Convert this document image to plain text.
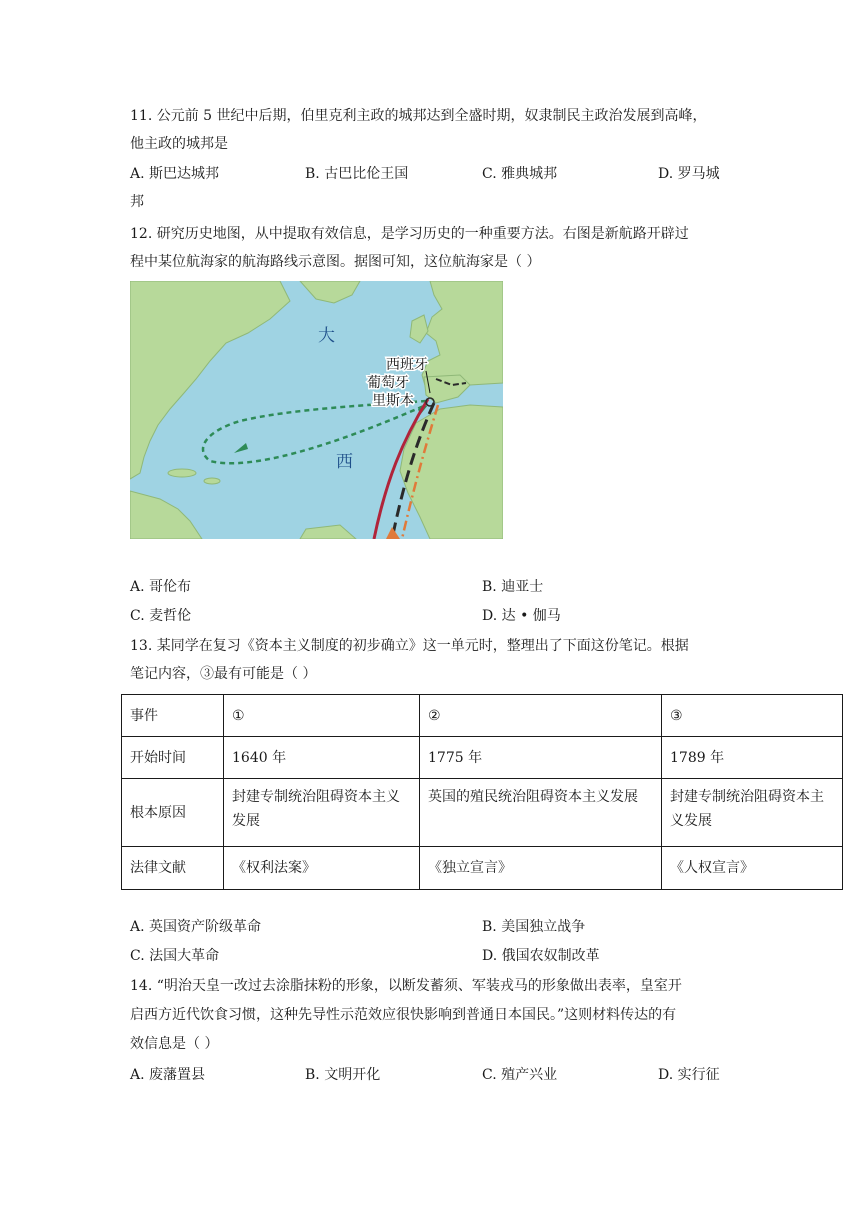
11. 公元前 5 世纪中后期，伯里克利主政的城邦达到全盛时期，奴隶制民主政治发展到高峰，
他主政的城邦是
A. 斯巴达城邦	B. 古巴比伦王国	C. 雅典城邦	D. 罗马城
邦
12. 研究历史地图，从中提取有效信息，是学习历史的一种重要方法。右图是新航路开辟过
程中某位航海家的航海路线示意图。据图可知，这位航海家是（ ）
大
西
西班牙
葡萄牙
里斯本
A. 哥伦布	B. 迪亚士
C. 麦哲伦	D. 达 • 伽马
13. 某同学在复习《资本主义制度的初步确立》这一单元时，整理出了下面这份笔记。根据
笔记内容，③最有可能是（ ）
事件	①	②	③
开始时间	1640 年	1775 年	1789 年
根本原因	封建专制统治阻碍资本主义发展	英国的殖民统治阻碍资本主义发展	封建专制统治阻碍资本主义发展
法律文献	《权利法案》	《独立宣言》	《人权宣言》
A. 英国资产阶级革命	B. 美国独立战争
C. 法国大革命	D. 俄国农奴制改革
14. “明治天皇一改过去涂脂抹粉的形象，以断发蓄须、军装戎马的形象做出表率，皇室开
启西方近代饮食习惯，这种先导性示范效应很快影响到普通日本国民。”这则材料传达的有
效信息是（ ）
A. 废藩置县	B. 文明开化	C. 殖产兴业	D. 实行征
